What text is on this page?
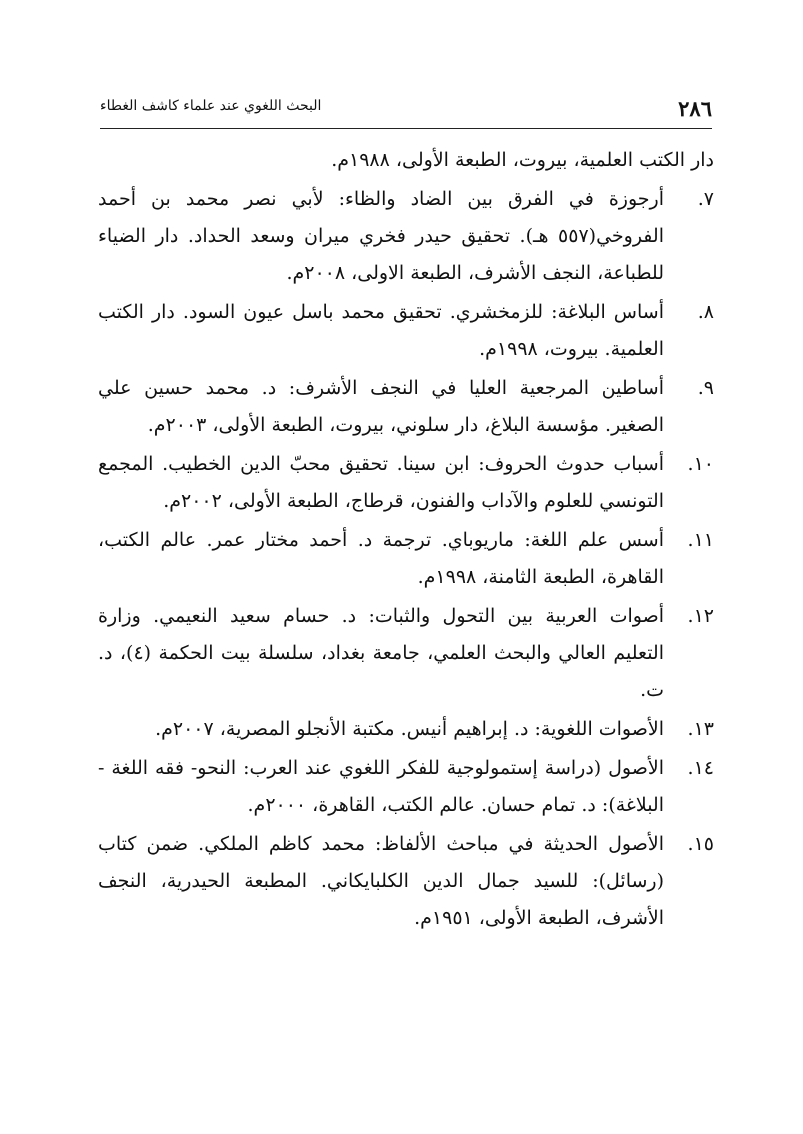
٢٨٦
البحث اللغوي عند علماء كاشف الغطاء
دار الكتب العلمية، بيروت، الطبعة الأولى، ١٩٨٨م.
٧.
أرجوزة في الفرق بين الضاد والظاء: لأبي نصر محمد بن أحمد الفروخي(٥٥٧ هـ). تحقيق حيدر فخري ميران وسعد الحداد. دار الضياء للطباعة، النجف الأشرف، الطبعة الاولى، ٢٠٠٨م.
٨.
أساس البلاغة: للزمخشري. تحقيق محمد باسل عيون السود. دار الكتب العلمية. بيروت، ١٩٩٨م.
٩.
أساطين المرجعية العليا في النجف الأشرف: د. محمد حسين علي الصغير. مؤسسة البلاغ، دار سلوني، بيروت، الطبعة الأولى، ٢٠٠٣م.
١٠.
أسباب حدوث الحروف: ابن سينا. تحقيق محبّ الدين الخطيب. المجمع التونسي للعلوم والآداب والفنون، قرطاج، الطبعة الأولى، ٢٠٠٢م.
١١.
أسس علم اللغة: ماريوباي. ترجمة د. أحمد مختار عمر. عالم الكتب، القاهرة، الطبعة الثامنة، ١٩٩٨م.
١٢.
أصوات العربية بين التحول والثبات: د. حسام سعيد النعيمي. وزارة التعليم العالي والبحث العلمي، جامعة بغداد، سلسلة بيت الحكمة (٤)، د. ت.
١٣.
الأصوات اللغوية: د. إبراهيم أنيس. مكتبة الأنجلو المصرية، ٢٠٠٧م.
١٤.
الأصول (دراسة إستمولوجية للفكر اللغوي عند العرب: النحو- فقه اللغة - البلاغة): د. تمام حسان. عالم الكتب، القاهرة، ٢٠٠٠م.
١٥.
الأصول الحديثة في مباحث الألفاظ: محمد كاظم الملكي. ضمن كتاب (رسائل): للسيد جمال الدين الكلبايكاني. المطبعة الحيدرية، النجف الأشرف، الطبعة الأولى، ١٩٥١م.
